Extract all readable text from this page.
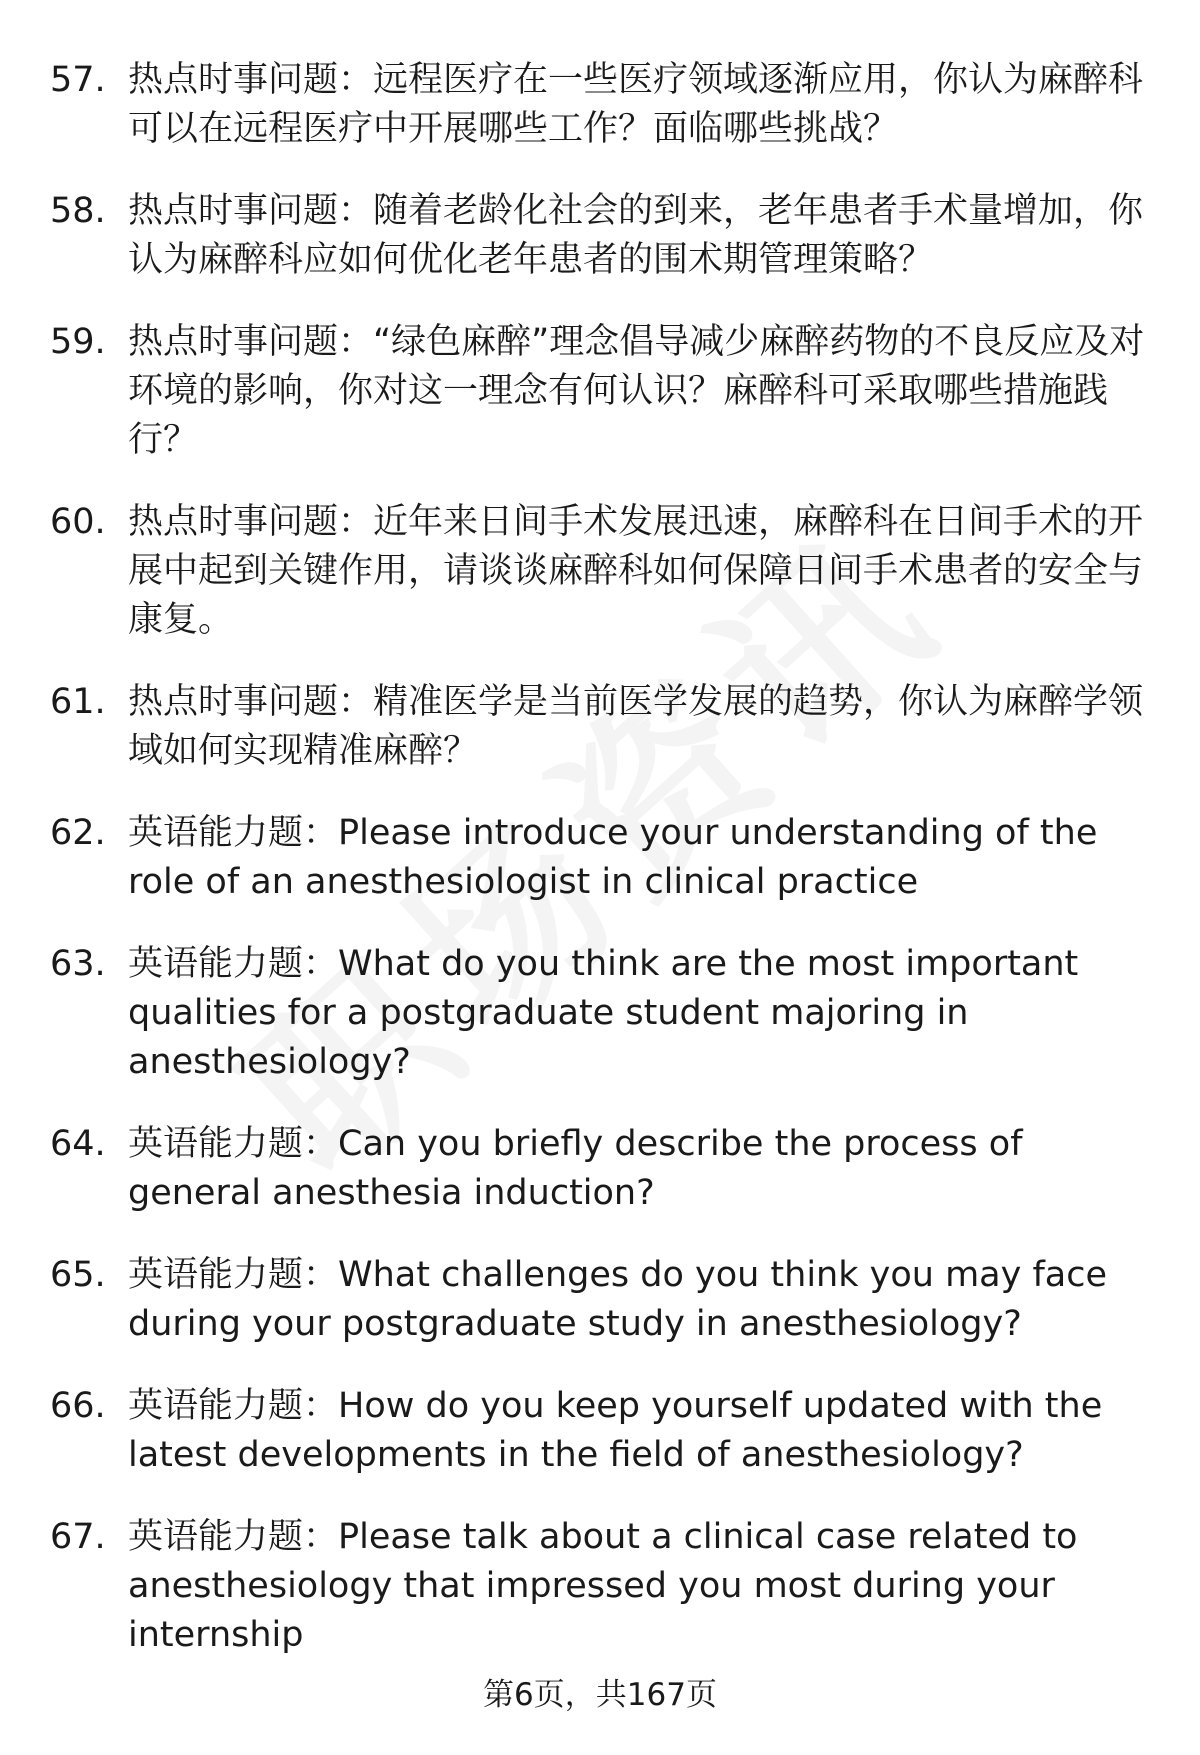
57. 热点时事问题：远程医疗在一些医疗领域逐渐应用，你认为麻醉科可以在远程医疗中开展哪些工作？面临哪些挑战？
58. 热点时事问题：随着老龄化社会的到来，老年患者手术量增加，你认为麻醉科应如何优化老年患者的围术期管理策略？
59. 热点时事问题：“绿色麻醉”理念倡导减少麻醉药物的不良反应及对环境的影响，你对这一理念有何认识？麻醉科可采取哪些措施践行？
60. 热点时事问题：近年来日间手术发展迅速，麻醉科在日间手术的开展中起到关键作用，请谈谈麻醉科如何保障日间手术患者的安全与康复。
61. 热点时事问题：精准医学是当前医学发展的趋势，你认为麻醉学领域如何实现精准麻醉？
62. 英语能力题：Please introduce your understanding of the role of an anesthesiologist in clinical practice
63. 英语能力题：What do you think are the most important qualities for a postgraduate student majoring in anesthesiology?
64. 英语能力题：Can you briefly describe the process of general anesthesia induction?
65. 英语能力题：What challenges do you think you may face during your postgraduate study in anesthesiology?
66. 英语能力题：How do you keep yourself updated with the latest developments in the field of anesthesiology?
67. 英语能力题：Please talk about a clinical case related to anesthesiology that impressed you most during your internship
第6页，共167页
